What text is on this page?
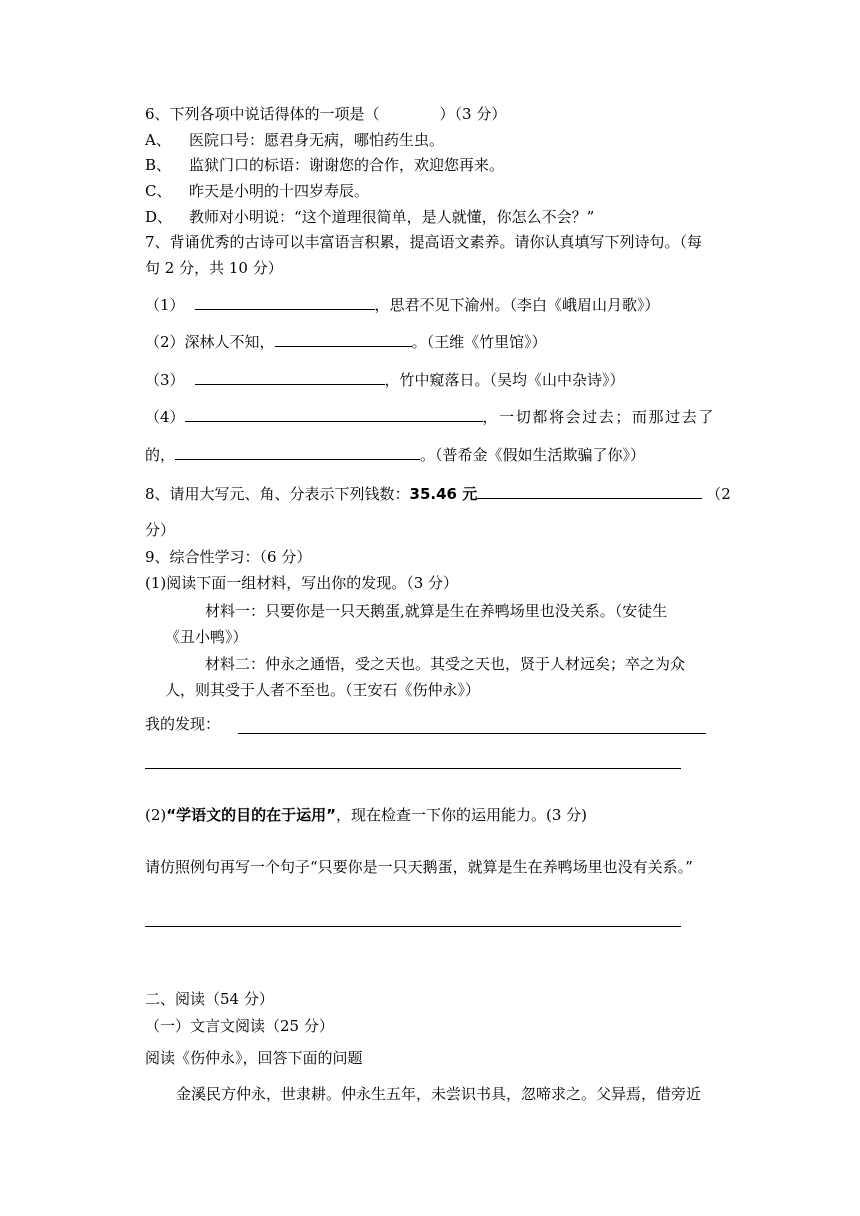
6、下列各项中说话得体的一项是（	）（3 分）
A、 医院口号：愿君身无病，哪怕药生虫。
B、 监狱门口的标语：谢谢您的合作，欢迎您再来。
C、 昨天是小明的十四岁寿辰。
D、 教师对小明说：“这个道理很简单，是人就懂，你怎么不会？”
7、背诵优秀的古诗可以丰富语言积累，提高语文素养。请你认真填写下列诗句。（每
句 2 分，共 10 分）
（1）	，思君不见下渝州。（李白《峨眉山月歌》）
（2）深林人不知，	。（王维《竹里馆》）
（3）	，竹中窥落日。（吴均《山中杂诗》）
（4）	，一切都将会过去；而那过去了
的，	。（普希金《假如生活欺骗了你》）
8、请用大写元、角、分表示下列钱数：35.46 元	（2
分）
9、综合性学习：（6 分）
(1)阅读下面一组材料，写出你的发现。（3 分）
材料一：只要你是一只天鹅蛋,就算是生在养鸭场里也没关系。（安徒生
《丑小鸭》）
材料二：仲永之通悟，受之天也。其受之天也，贤于人材远矣；卒之为众
人，则其受于人者不至也。（王安石《伤仲永》）
我的发现：
(2)“学语文的目的在于运用”，现在检查一下你的运用能力。(3 分)
请仿照例句再写一个句子“只要你是一只天鹅蛋，就算是生在养鸭场里也没有关系。”
二、阅读（54 分）
（一）文言文阅读（25 分）
阅读《伤仲永》，回答下面的问题
金溪民方仲永，世隶耕。仲永生五年，未尝识书具，忽啼求之。父异焉，借旁近
